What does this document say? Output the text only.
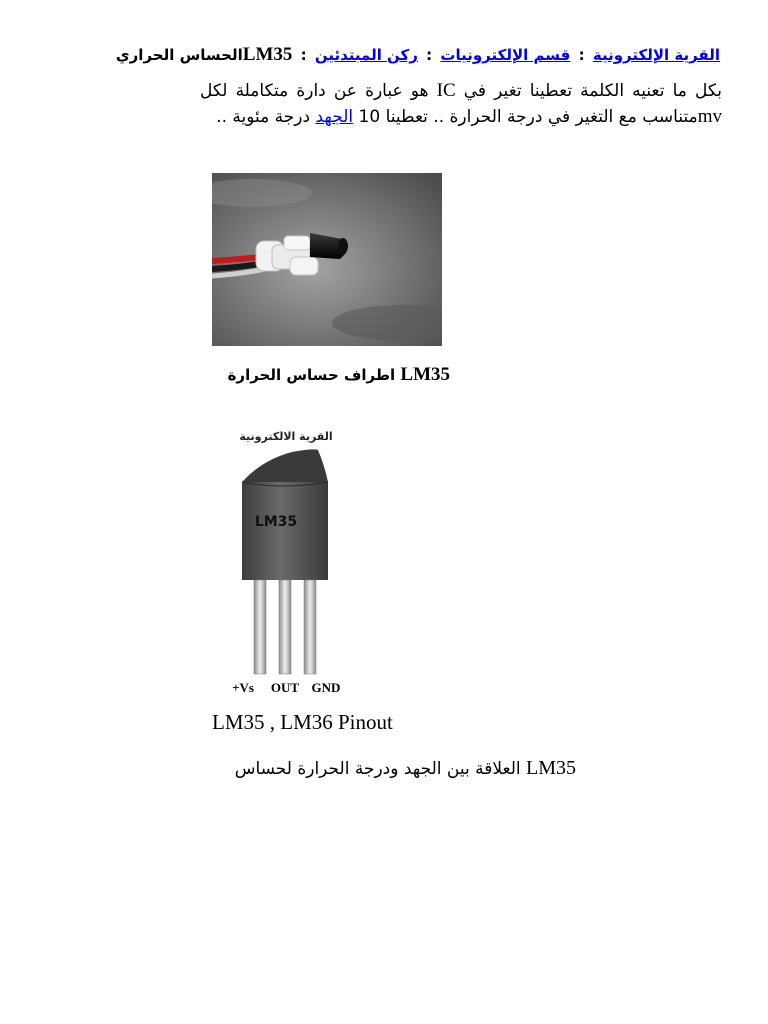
القرية الإلكترونية : قسم الإلكترونيات : ركن المبتدئين : LM35الحساس الحراري
بكل ما تعنيه الكلمة تعطينا تغير في IC هو عبارة عن دارة متكاملة لكل mvمتناسب مع التغير في درجة الحرارة .. تعطينا 10 الجهد درجة مئوية ..
LM35 اطراف حساس الحرارة
القرية الالكترونية
LM35
+Vs OUT GND
LM35 , LM36 Pinout
LM35 العلاقة بين الجهد ودرجة الحرارة لحساس
